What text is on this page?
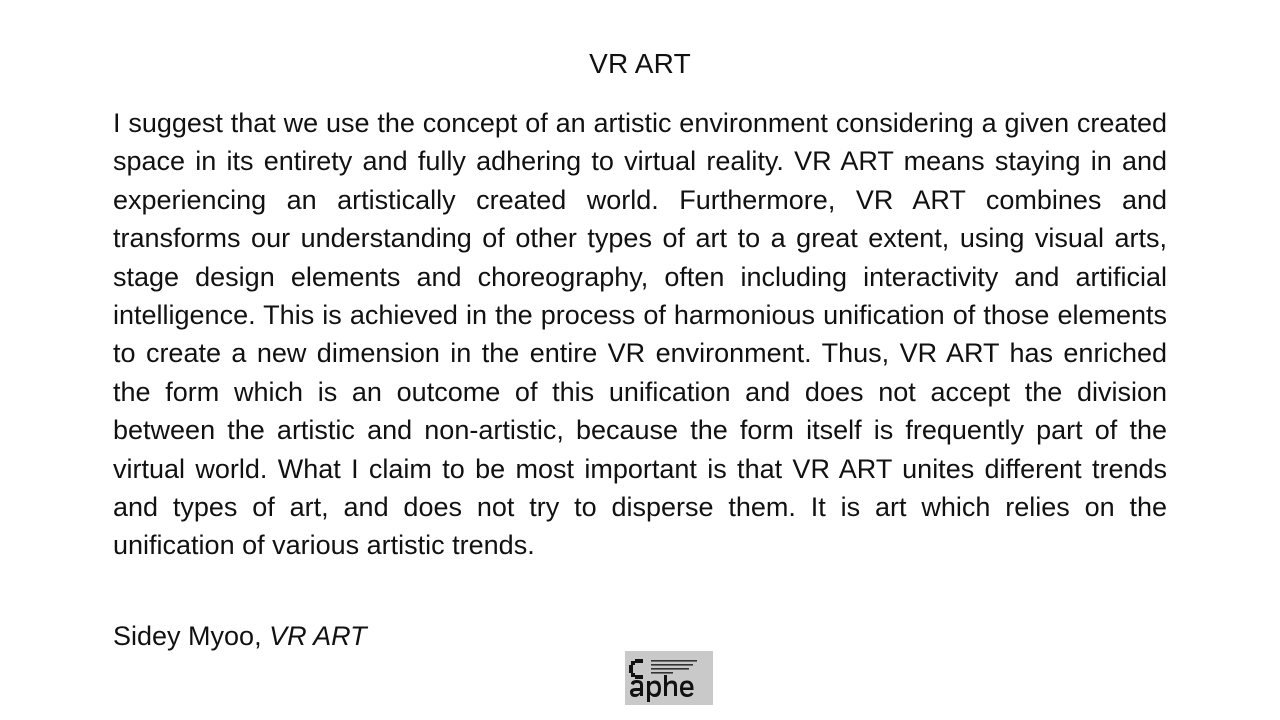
VR ART

I suggest that we use the concept of an artistic environment considering a given created space in its entirety and fully adhering to virtual reality. VR ART means staying in and experiencing an artistically created world. Furthermore, VR ART combines and transforms our understanding of other types of art to a great extent, using visual arts, stage design elements and choreography, often including interactivity and artificial intelligence. This is achieved in the process of harmonious unification of those elements to create a new dimension in the entire VR environment. Thus, VR ART has enriched the form which is an outcome of this unification and does not accept the division between the artistic and non-artistic, because the form itself is frequently part of the virtual world. What I claim to be most important is that VR ART unites different trends and types of art, and does not try to disperse them. It is art which relies on the unification of various artistic trends.

Sidey Myoo, VR ART
